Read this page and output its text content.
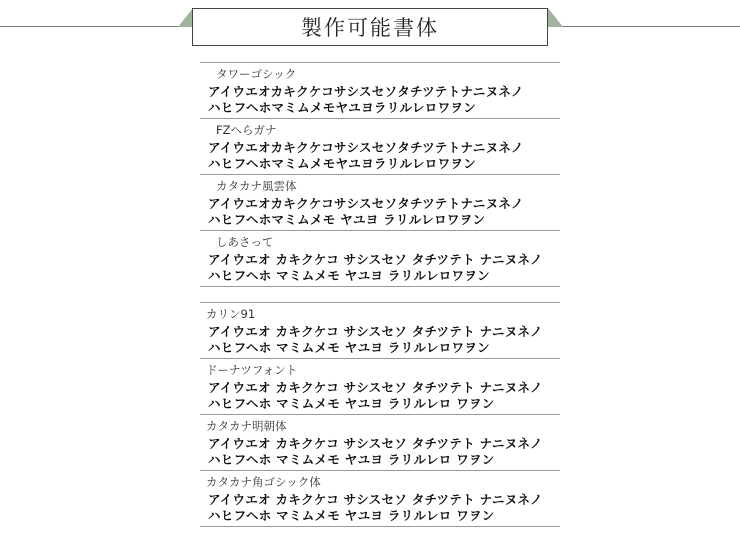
製作可能書体
タワーゴシック
アイウエオカキクケコサシスセソタチツテトナニヌネノ
ハヒフヘホマミムメモヤユヨラリルレロワヲン
FZへらガナ
アイウエオカキクケコサシスセソタチツテトナニヌネノ
ハヒフヘホマミムメモヤユヨラリルレロワヲン
カタカナ風雲体
アイウエオカキクケコサシスセソタチツテトナニヌネノ
ハヒフヘホマミムメモ ヤユヨ ラリルレロワヲン
しあさって
アイウエオ カキクケコ サシスセソ タチツテト ナニヌネノ
ハヒフヘホ マミムメモ ヤユヨ ラリルレロワヲン
カリン91
アイウエオ カキクケコ サシスセソ タチツテト ナニヌネノ
ハヒフヘホ マミムメモ ヤユヨ ラリルレロワヲン
ドーナツフォント
アイウエオ カキクケコ サシスセソ タチツテト ナニヌネノ
ハヒフヘホ マミムメモ ヤユヨ ラリルレロ ワヲン
カタカナ明朝体
アイウエオ カキクケコ サシスセソ タチツテト ナニヌネノ
ハヒフヘホ マミムメモ ヤユヨ ラリルレロ ワヲン
カタカナ角ゴシック体
アイウエオ カキクケコ サシスセソ タチツテト ナニヌネノ
ハヒフヘホ マミムメモ ヤユヨ ラリルレロ ワヲン
